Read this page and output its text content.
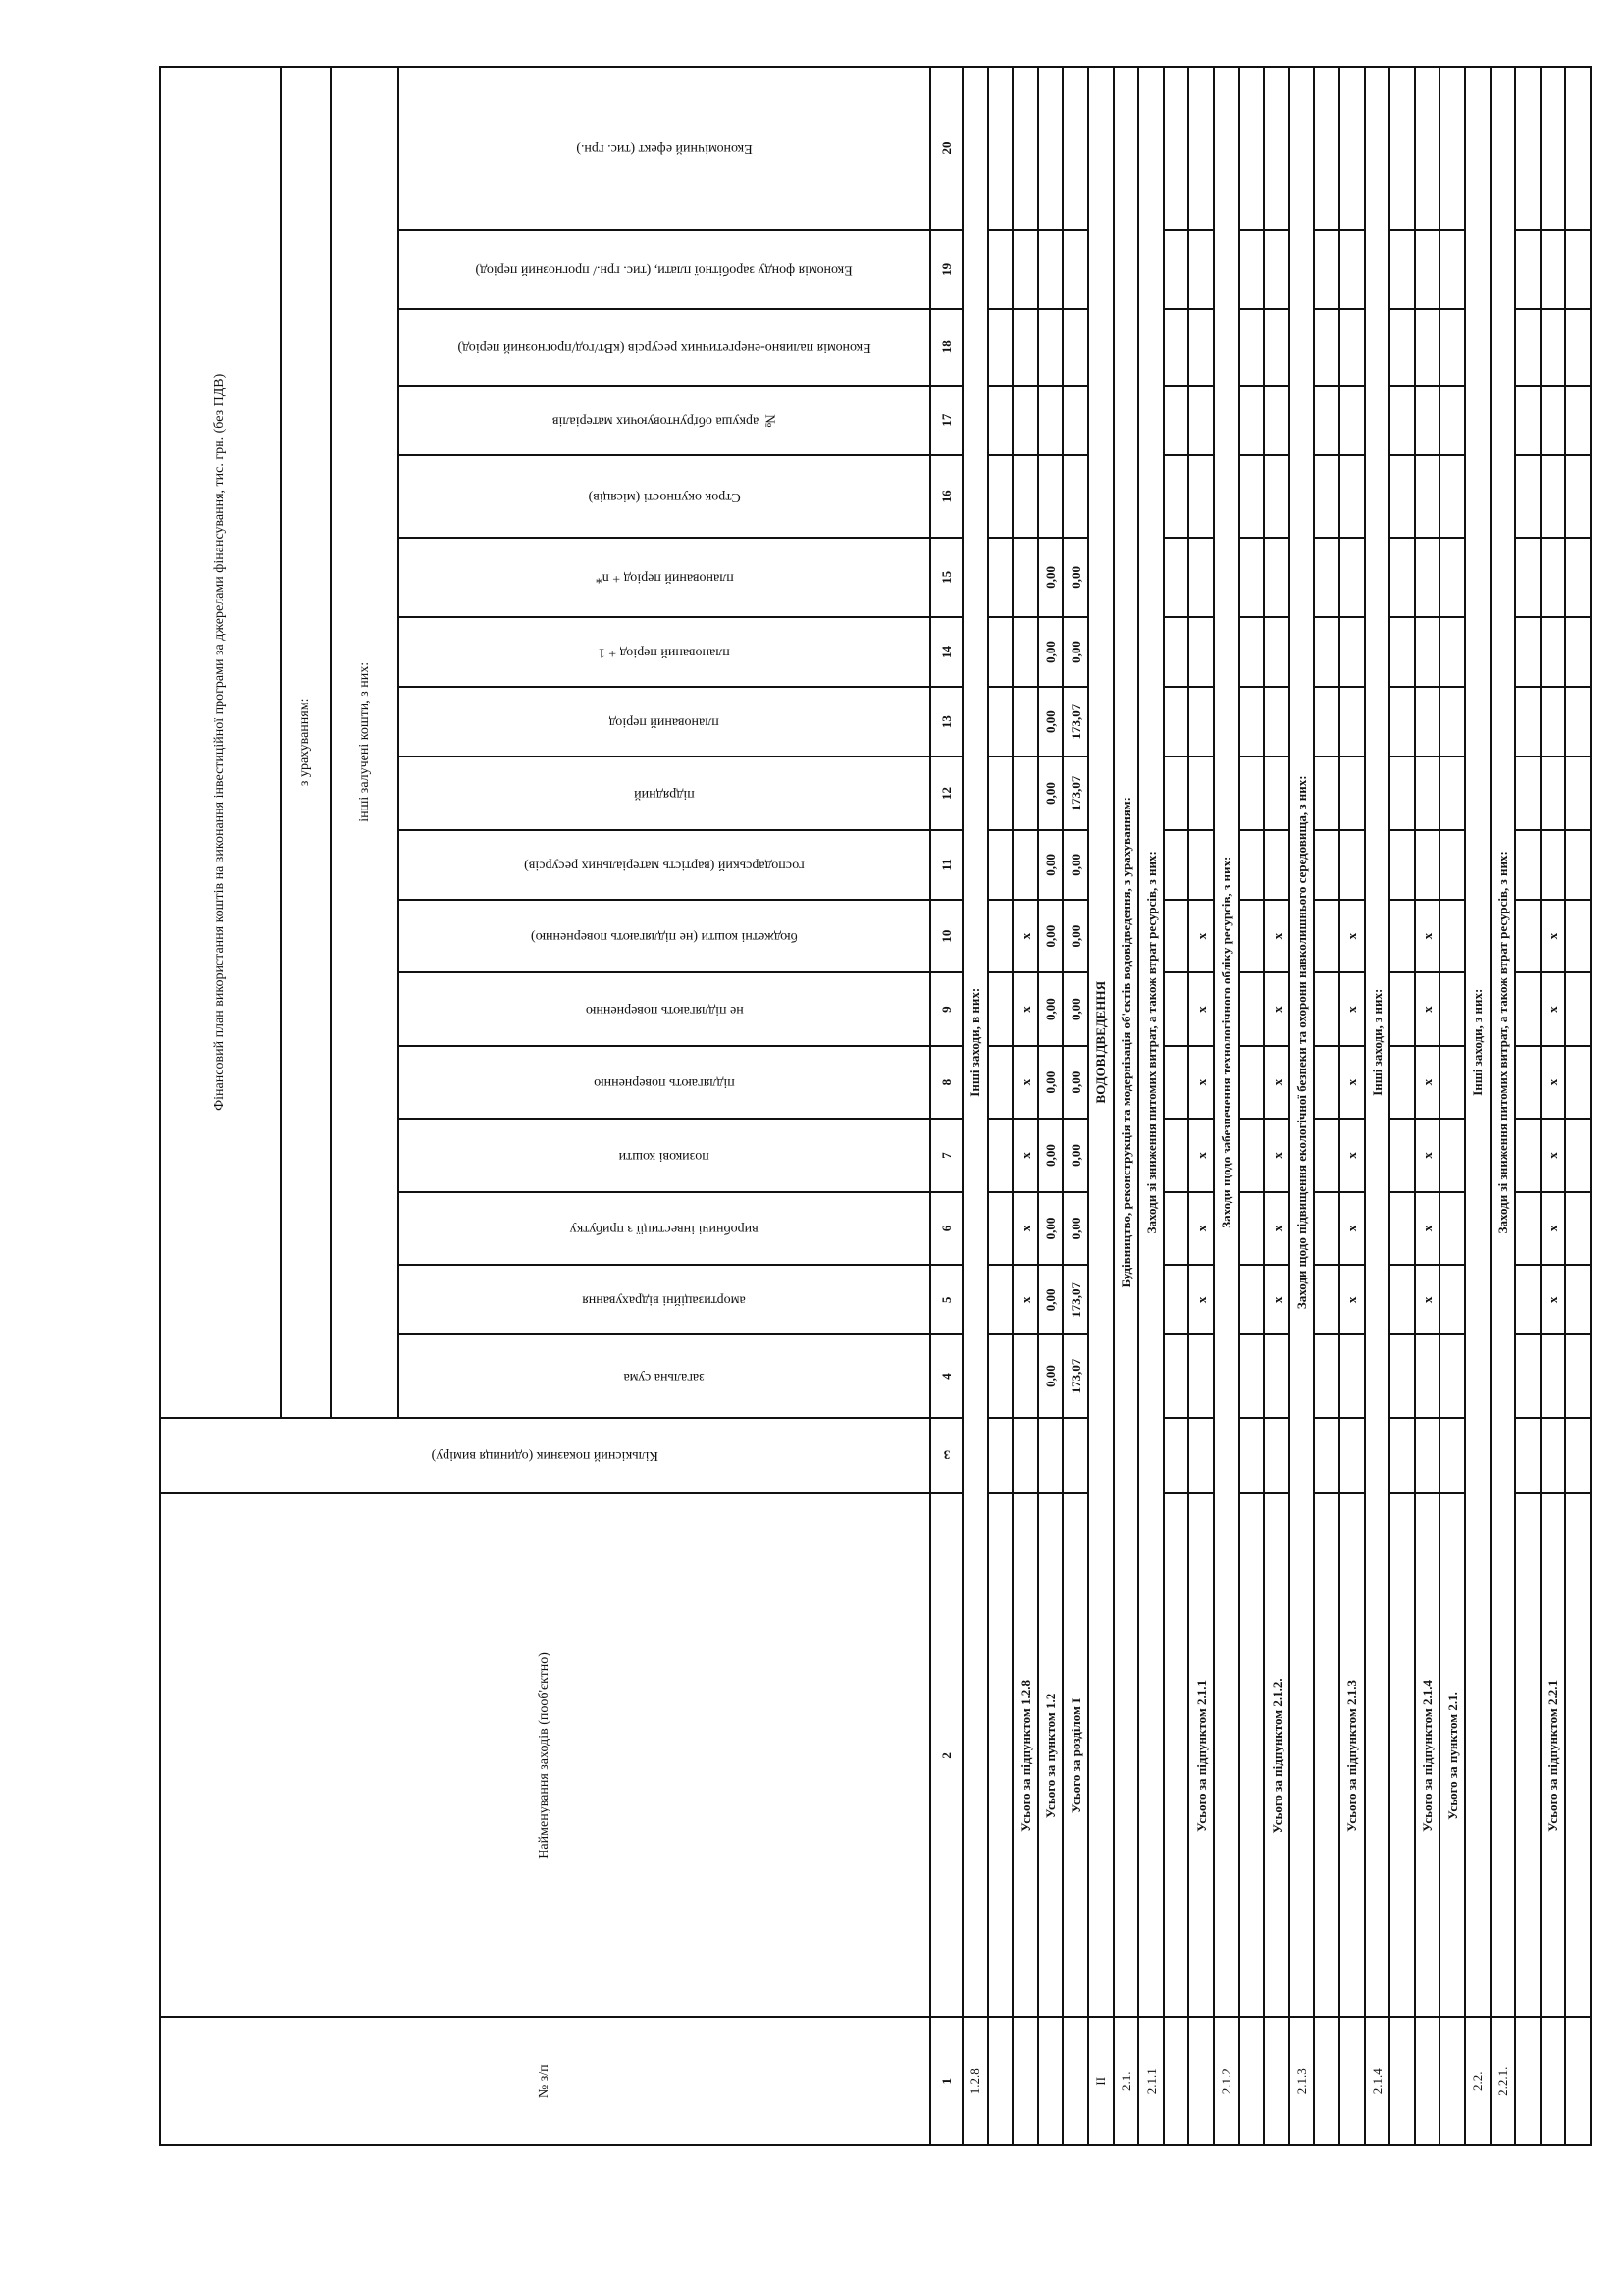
№ з/п	Найменування заходів (пооб'єктно)	Кількісний показник (одиниця виміру)	Фінансовий план використання коштів на виконання інвестиційної програми за джерелами фінансування, тис. грн. (без ПДВ)																
			з урахуванням:																
			інші залучені кошти, з них:																
			загальна сума	амортизаційні відрахування	виробничі інвестиції з прибутку	позикові кошти	підлягають поверненню	не підлягають поверненню	бюджетні кошти (не підлягають поверненню)	господарський (вартість матеріальних ресурсів)	підрядний	планований період	планований період + 1	планований період + n*	Строк окупності (місяців)	№ аркуша обґрунтовуючих матеріалів	Економія паливно-енергетичних ресурсів (кВт/год/прогнозний період)	Економія фонду заробітної плати, (тис. грн./ прогнозний період)	Економічний ефект (тис. грн.)
1	2	3	4	5	6	7	8	9	10	11	12	13	14	15	16	17	18	19	20
1.2.8	Інші заходи, в них:																		

	Усього за підпунктом 1.2.8			х	х	х	х	х	х										
	Усього за пунктом 1.2		0,00	0,00	0,00	0,00	0,00	0,00	0,00	0,00	0,00	0,00	0,00	0,00					
	Усього за розділом І		173,07	173,07	0,00	0,00	0,00	0,00	0,00	0,00	173,07	173,07	0,00	0,00					
ІІ	ВОДОВІДВЕДЕННЯ																		
2.1.	Будівництво, реконструкція та модернізація об'єктів водовідведення, з урахуванням:																		
2.1.1	Заходи зі зниження питомих витрат, а також втрат ресурсів, з них:																		

	Усього за підпунктом 2.1.1			х	х	х	х	х	х										
2.1.2	Заходи щодо забезпечення технологічного обліку ресурсів, з них:																		

	Усього за підпунктом 2.1.2.			х	х	х	х	х	х										
2.1.3	Заходи щодо підвищення екологічної безпеки та охорони навколишнього середовища, з них:																		

	Усього за підпунктом 2.1.3			х	х	х	х	х	х										
2.1.4	Інші заходи, з них:																		

	Усього за підпунктом 2.1.4			х	х	х	х	х	х										
	Усього за пунктом 2.1.																		
2.2.	Інші заходи, з них:																		
2.2.1.	Заходи зі зниження питомих витрат, а також втрат ресурсів, з них:																		

	Усього за підпунктом 2.2.1			х	х	х	х	х	х										
